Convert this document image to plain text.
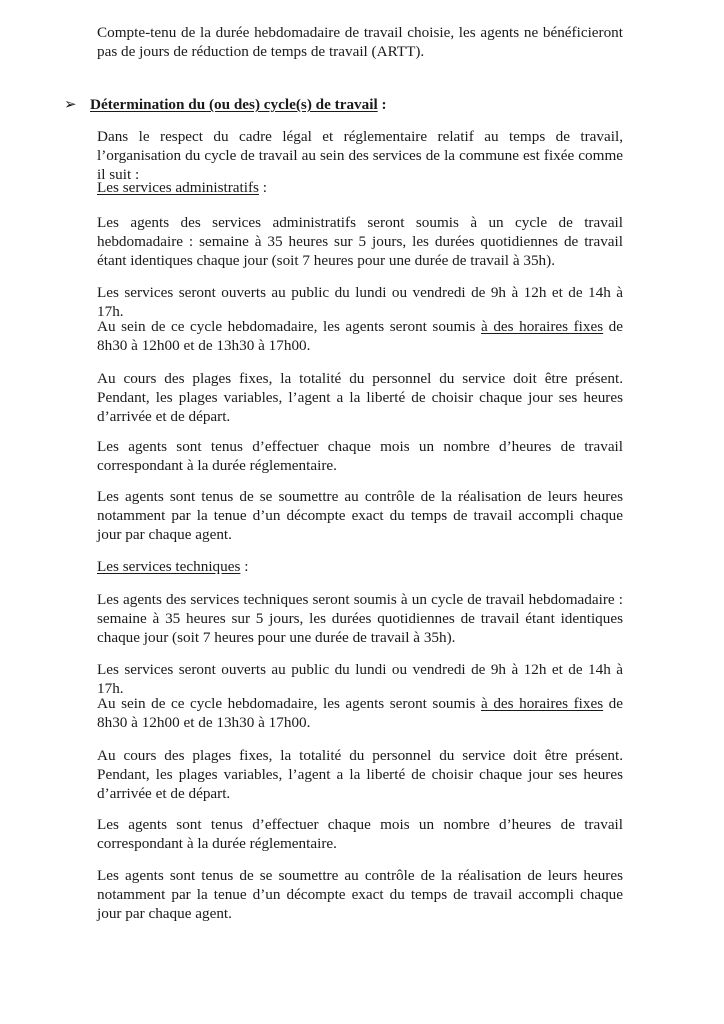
Compte-tenu de la durée hebdomadaire de travail choisie, les agents ne bénéficieront pas de jours de réduction de temps de travail (ARTT).

➢ Détermination du (ou des) cycle(s) de travail :

Dans le respect du cadre légal et réglementaire relatif au temps de travail, l’organisation du cycle de travail au sein des services de la commune est fixée comme il suit :

Les services administratifs :

Les agents des services administratifs seront soumis à un cycle de travail hebdomadaire : semaine à 35 heures sur 5 jours, les durées quotidiennes de travail étant identiques chaque jour (soit 7 heures pour une durée de travail à 35h).

Les services seront ouverts au public du lundi ou vendredi de 9h à 12h et de 14h à 17h.

Au sein de ce cycle hebdomadaire, les agents seront soumis à des horaires fixes de 8h30 à 12h00 et de 13h30 à 17h00.

Au cours des plages fixes, la totalité du personnel du service doit être présent. Pendant, les plages variables, l’agent a la liberté de choisir chaque jour ses heures d’arrivée et de départ.

Les agents sont tenus d’effectuer chaque mois un nombre d’heures de travail correspondant à la durée réglementaire.

Les agents sont tenus de se soumettre au contrôle de la réalisation de leurs heures notamment par la tenue d’un décompte exact du temps de travail accompli chaque jour par chaque agent.

Les services techniques :

Les agents des services techniques seront soumis à un cycle de travail hebdomadaire : semaine à 35 heures sur 5 jours, les durées quotidiennes de travail étant identiques chaque jour (soit 7 heures pour une durée de travail à 35h).

Les services seront ouverts au public du lundi ou vendredi de 9h à 12h et de 14h à 17h.

Au sein de ce cycle hebdomadaire, les agents seront soumis à des horaires fixes de 8h30 à 12h00 et de 13h30 à 17h00.

Au cours des plages fixes, la totalité du personnel du service doit être présent. Pendant, les plages variables, l’agent a la liberté de choisir chaque jour ses heures d’arrivée et de départ.

Les agents sont tenus d’effectuer chaque mois un nombre d’heures de travail correspondant à la durée réglementaire.

Les agents sont tenus de se soumettre au contrôle de la réalisation de leurs heures notamment par la tenue d’un décompte exact du temps de travail accompli chaque jour par chaque agent.
